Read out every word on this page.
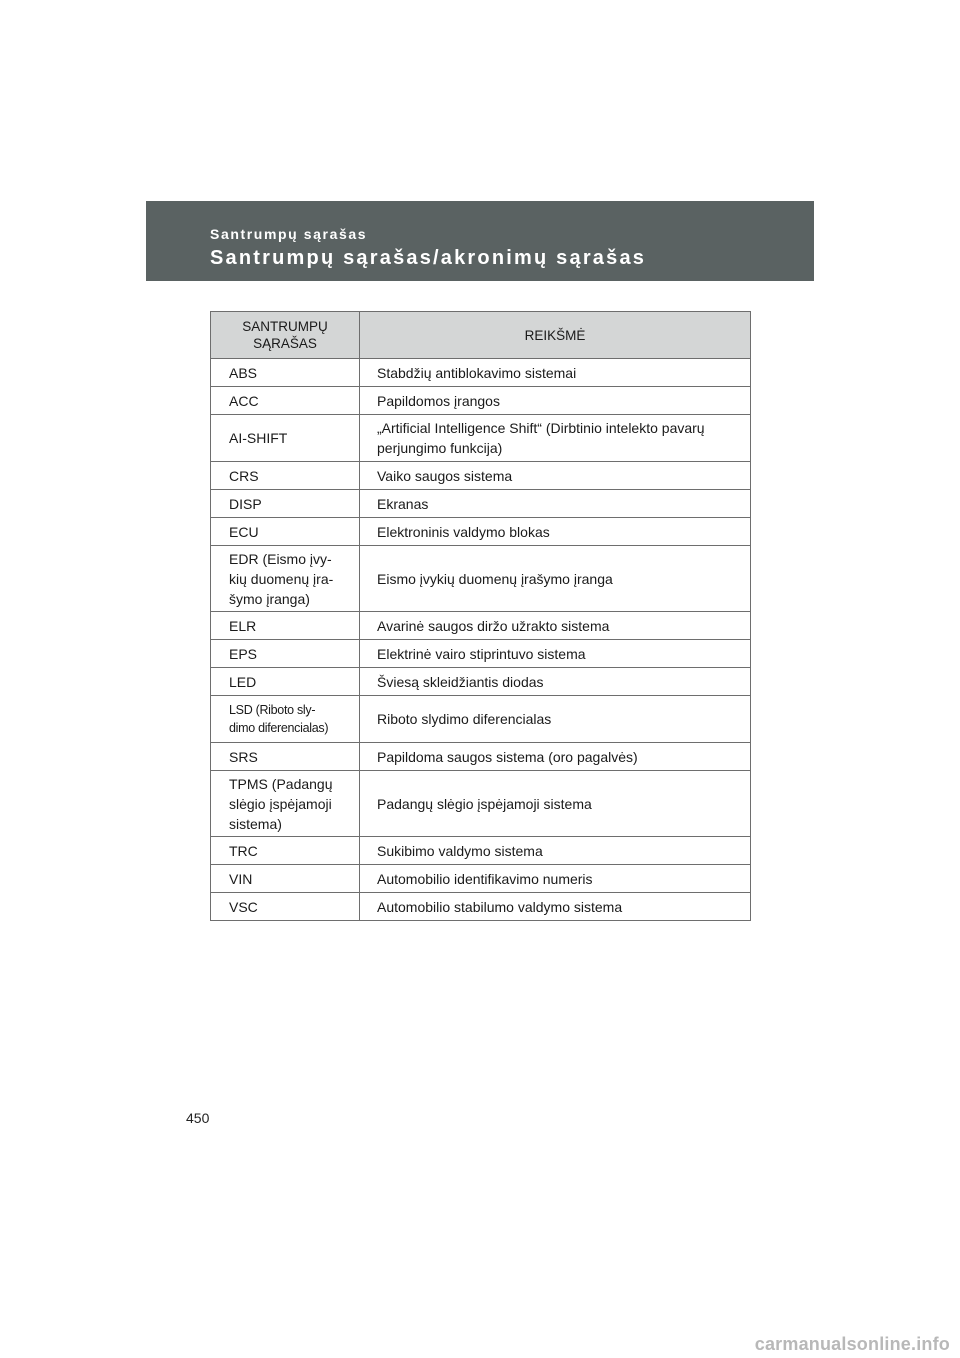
Santrumpų sąrašas
Santrumpų sąrašas/akronimų sąrašas
SANTRUMPŲ
SĄRAŠAS	REIKŠMĖ

ABS	Stabdžių antiblokavimo sistemai

ACC	Papildomos įrangos

AI-SHIFT	„Artificial Intelligence Shift“ (Dirbtinio intelekto pavarų perjungimo funkcija)

CRS	Vaiko saugos sistema

DISP	Ekranas

ECU	Elektroninis valdymo blokas

EDR (Eismo įvy-
kių duomenų įra-
šymo įranga)	Eismo įvykių duomenų įrašymo įranga

ELR	Avarinė saugos diržo užrakto sistema

EPS	Elektrinė vairo stiprintuvo sistema

LED	Šviesą skleidžiantis diodas

LSD (Riboto sly-
dimo diferencialas)	Riboto slydimo diferencialas

SRS	Papildoma saugos sistema (oro pagalvės)

TPMS (Padangų
slėgio įspėjamoji
sistema)	Padangų slėgio įspėjamoji sistema

TRC	Sukibimo valdymo sistema

VIN	Automobilio identifikavimo numeris

VSC	Automobilio stabilumo valdymo sistema
450
carmanualsonline.info
